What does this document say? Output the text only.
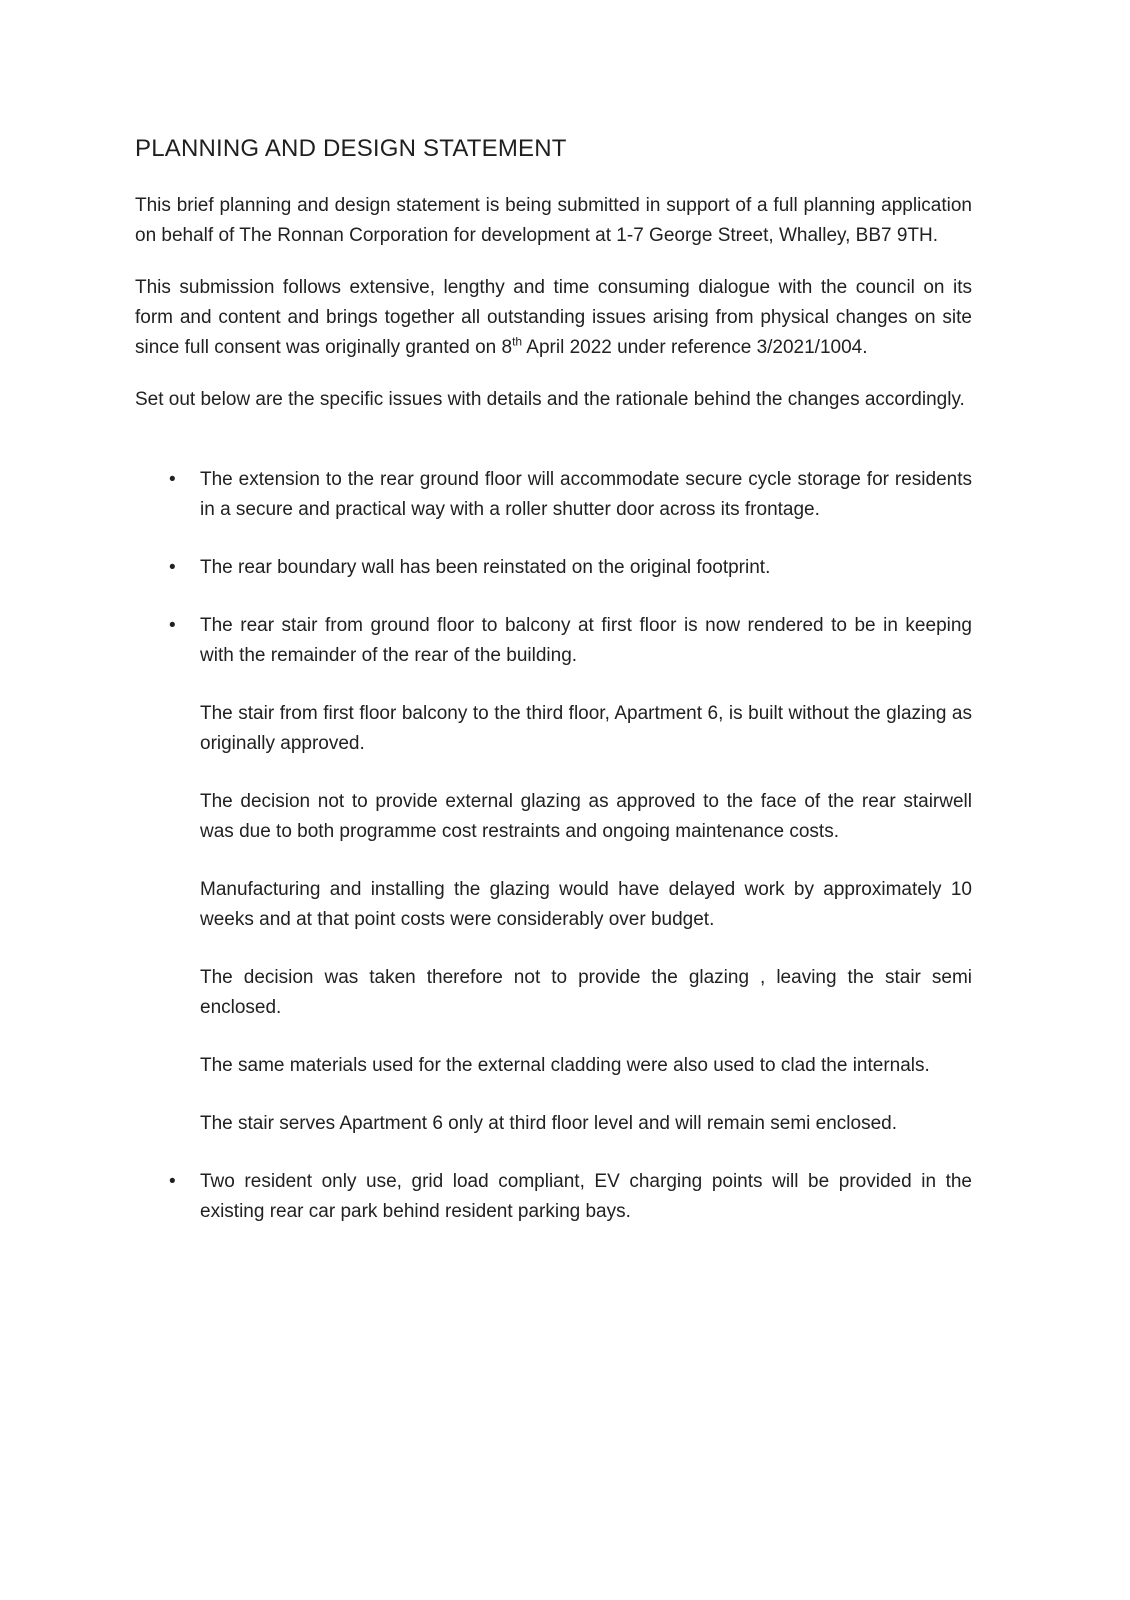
PLANNING AND DESIGN STATEMENT

This brief planning and design statement is being submitted in support of a full planning application on behalf of The Ronnan Corporation for development at 1-7 George Street, Whalley, BB7 9TH.

This submission follows extensive, lengthy and time consuming dialogue with the council on its form and content and brings together all outstanding issues arising from physical changes on site since full consent was originally granted on 8th April 2022 under reference 3/2021/1004.

Set out below are the specific issues with details and the rationale behind the changes accordingly.

• The extension to the rear ground floor will accommodate secure cycle storage for residents in a secure and practical way with a roller shutter door across its frontage.

• The rear boundary wall has been reinstated on the original footprint.

• The rear stair from ground floor to balcony at first floor is now rendered to be in keeping with the remainder of the rear of the building.

The stair from first floor balcony to the third floor, Apartment 6, is built without the glazing as originally approved.

The decision not to provide external glazing as approved to the face of the rear stairwell was due to both programme cost restraints and ongoing maintenance costs.

Manufacturing and installing the glazing would have delayed work by approximately 10 weeks and at that point costs were considerably over budget.

The decision was taken therefore not to provide the glazing , leaving the stair semi enclosed.

The same materials used for the external cladding were also used to clad the internals.

The stair serves Apartment 6 only at third floor level and will remain semi enclosed.

• Two resident only use, grid load compliant, EV charging points will be provided in the existing rear car park behind resident parking bays.
